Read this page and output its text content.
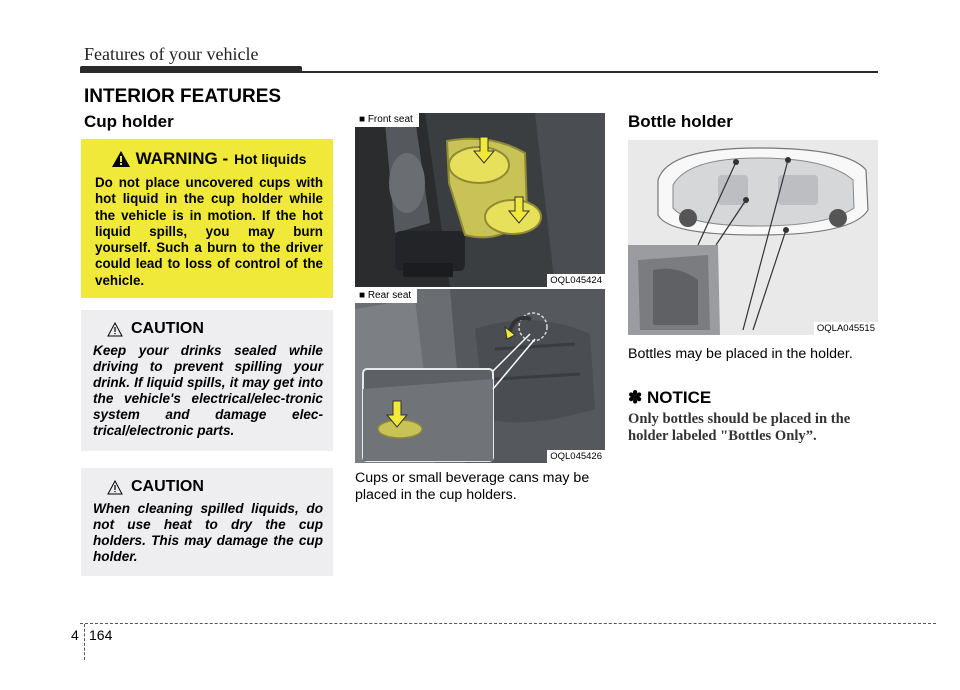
Features of your vehicle
INTERIOR FEATURES
Cup holder
WARNING - Hot liquids
Do not place uncovered cups with hot liquid in the cup holder while the vehicle is in motion. If the hot liquid spills, you may burn yourself. Such a burn to the driver could lead to loss of control of the vehicle.
CAUTION
Keep your drinks sealed while driving to prevent spilling your drink. If liquid spills, it may get into the vehicle's electrical/elec-tronic system and damage elec-trical/electronic parts.
CAUTION
When cleaning spilled liquids, do not use heat to dry the cup holders. This may damage the cup holder.
■ Front seat
OQL045424
■ Rear seat
OQL045426
Cups or small beverage cans may be placed in the cup holders.
Bottle holder
OQLA045515
Bottles may be placed in the holder.
✽ NOTICE
Only bottles should be placed in the holder labeled "Bottles Only”.
4 164
